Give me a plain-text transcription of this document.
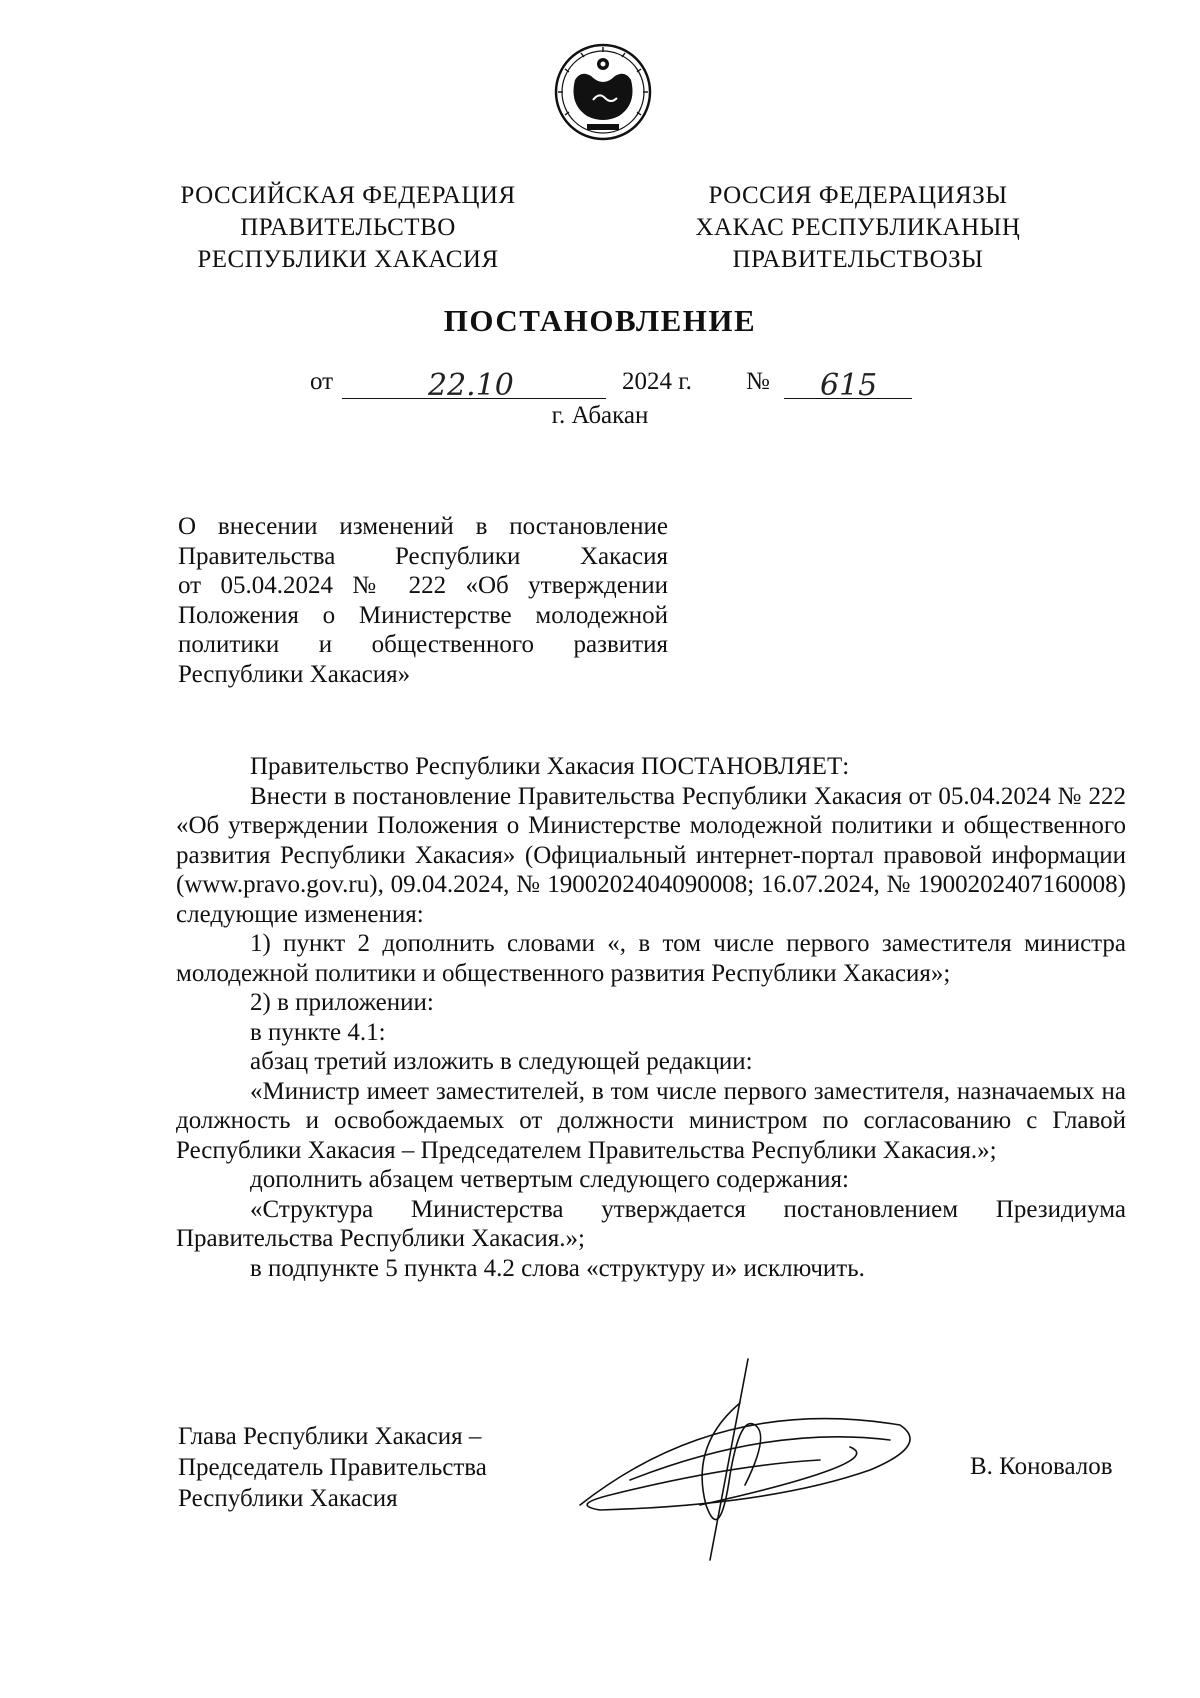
РОССИЙСКАЯ ФЕДЕРАЦИЯ
ПРАВИТЕЛЬСТВО
РЕСПУБЛИКИ ХАКАСИЯ
РОССИЯ ФЕДЕРАЦИЯЗЫ
ХАКАС РЕСПУБЛИКАНЫҢ
ПРАВИТЕЛЬСТВОЗЫ
ПОСТАНОВЛЕНИЕ
от	22.10	2024 г. № 615
г. Абакан
О внесении изменений в постановление
Правительства Республики Хакасия
от 05.04.2024 № 222 «Об утверждении
Положения о Министерстве молодежной
политики и общественного развития
Республики Хакасия»

Правительство Республики Хакасия ПОСТАНОВЛЯЕТ:

Внести в постановление Правительства Республики Хакасия от 05.04.2024 № 222 «Об утверждении Положения о Министерстве молодежной политики и общественного развития Республики Хакасия» (Официальный интернет-портал правовой информации (www.pravo.gov.ru), 09.04.2024, № 1900202404090008; 16.07.2024, № 1900202407160008) следующие изменения:

1) пункт 2 дополнить словами «, в том числе первого заместителя министра молодежной политики и общественного развития Республики Хакасия»;

2) в приложении:

в пункте 4.1:

абзац третий изложить в следующей редакции:

«Министр имеет заместителей, в том числе первого заместителя, назначаемых на должность и освобождаемых от должности министром по согласованию с Главой Республики Хакасия – Председателем Правительства Республики Хакасия.»;

дополнить абзацем четвертым следующего содержания:

«Структура Министерства утверждается постановлением Президиума Правительства Республики Хакасия.»;

в подпункте 5 пункта 4.2 слова «структуру и» исключить.

Глава Республики Хакасия –
Председатель Правительства
Республики Хакасия
В. Коновалов
